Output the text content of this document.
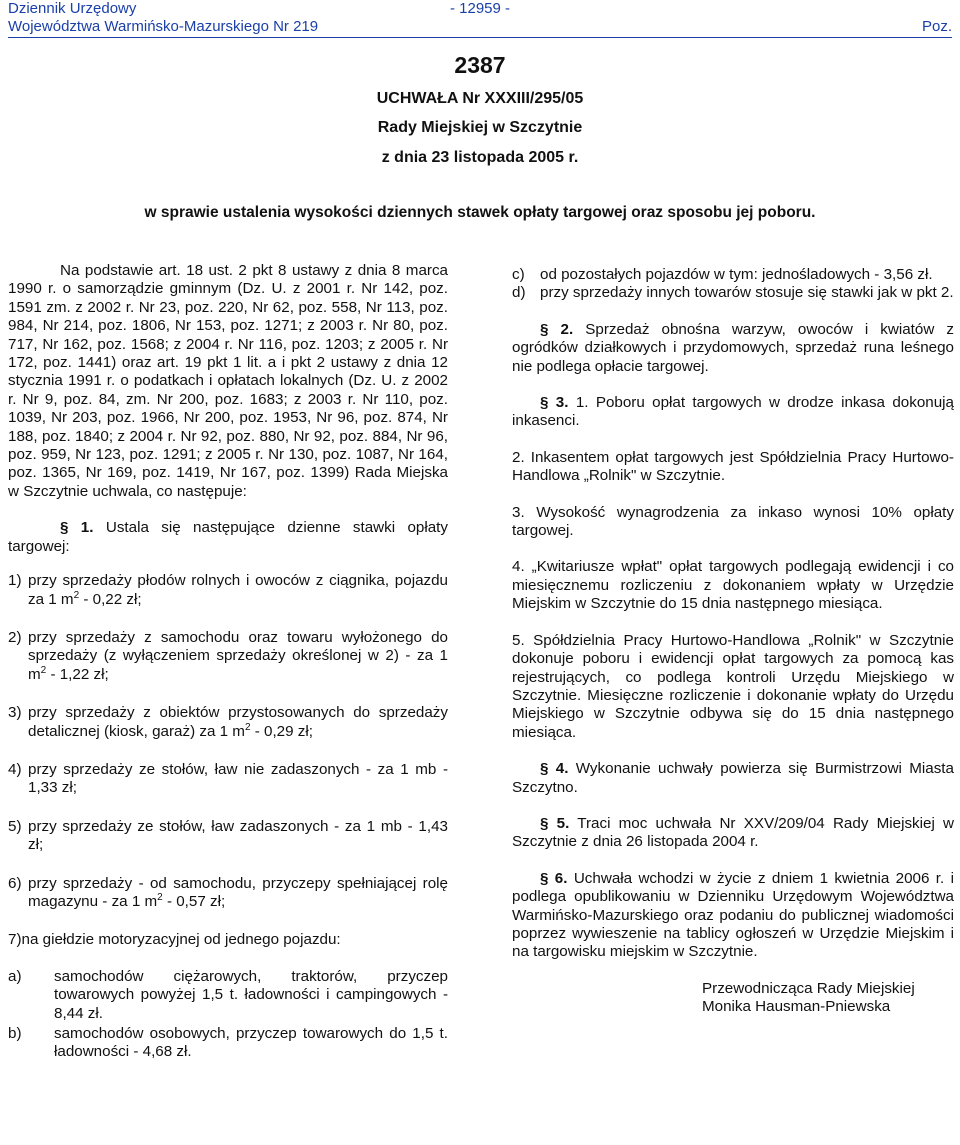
Dziennik Urzędowy
Województwa Warmińsko-Mazurskiego Nr 219
- 12959 -
Poz.
2387
UCHWAŁA Nr XXXIII/295/05
Rady Miejskiej w Szczytnie
z dnia 23 listopada 2005 r.
w sprawie ustalenia wysokości dziennych stawek opłaty targowej oraz sposobu jej poboru.

Na podstawie art. 18 ust. 2 pkt 8 ustawy z dnia 8 marca 1990 r. o samorządzie gminnym (Dz. U. z 2001 r. Nr 142, poz. 1591 zm. z 2002 r. Nr 23, poz. 220, Nr 62, poz. 558, Nr 113, poz. 984, Nr 214, poz. 1806, Nr 153, poz. 1271; z 2003 r. Nr 80, poz. 717, Nr 162, poz. 1568; z 2004 r. Nr 116, poz. 1203; z 2005 r. Nr 172, poz. 1441) oraz art. 19 pkt 1 lit. a i pkt 2 ustawy z dnia 12 stycznia 1991 r. o podatkach i opłatach lokalnych (Dz. U. z 2002 r. Nr 9, poz. 84, zm. Nr 200, poz. 1683; z 2003 r. Nr 110, poz. 1039, Nr 203, poz. 1966, Nr 200, poz. 1953, Nr 96, poz. 874, Nr 188, poz. 1840; z 2004 r. Nr 92, poz. 880, Nr 92, poz. 884, Nr 96, poz. 959, Nr 123, poz. 1291; z 2005 r. Nr 130, poz. 1087, Nr 164, poz. 1365, Nr 169, poz. 1419, Nr 167, poz. 1399) Rada Miejska w Szczytnie uchwala, co następuje:

§ 1. Ustala się następujące dzienne stawki opłaty targowej:

1) przy sprzedaży płodów rolnych i owoców z ciągnika, pojazdu za 1 $m^2 - 0,22$ zł;
2) przy sprzedaży z samochodu oraz towaru wyłożonego do sprzedaży (z wyłączeniem sprzedaży określonej w 2) - za 1 $m^2 - 1,22$ zł;
3) przy sprzedaży z obiektów przystosowanych do sprzedaży detalicznej (kiosk, garaż) za 1 $m^2 - 0,29$ zł;
4) przy sprzedaży ze stołów, ław nie zadaszonych - za 1 mb - 1,33 zł;
5) przy sprzedaży ze stołów, ław zadaszonych - za 1 mb - 1,43 zł;
6) przy sprzedaży - od samochodu, przyczepy spełniającej rolę magazynu - za 1 $m^2 - 0,57$ zł;

7)na giełdzie motoryzacyjnej od jednego pojazdu:

a)	samochodów ciężarowych, traktorów, przyczep towarowych powyżej 1,5 t. ładowności i campingowych - 8,44 zł.
b)	samochodów osobowych, przyczep towarowych do 1,5 t. ładowności - 4,68 zł.
c)	od pozostałych pojazdów w tym: jednośladowych - 3,56 zł.
d) przy sprzedaży innych towarów stosuje się stawki jak w pkt 2.

§ 2. Sprzedaż obnośna warzyw, owoców i kwiatów z ogródków działkowych i przydomowych, sprzedaż runa leśnego nie podlega opłacie targowej.

§ 3. 1. Poboru opłat targowych w drodze inkasa dokonują inkasenci.

2. Inkasentem opłat targowych jest Spółdzielnia Pracy Hurtowo-Handlowa „Rolnik" w Szczytnie.

3. Wysokość wynagrodzenia za inkaso wynosi 10% opłaty targowej.

4. „Kwitariusze wpłat" opłat targowych podlegają ewidencji i co miesięcznemu rozliczeniu z dokonaniem wpłaty w Urzędzie Miejskim w Szczytnie do 15 dnia następnego miesiąca.

5. Spółdzielnia Pracy Hurtowo-Handlowa „Rolnik" w Szczytnie dokonuje poboru i ewidencji opłat targowych za pomocą kas rejestrujących, co podlega kontroli Urzędu Miejskiego w Szczytnie. Miesięczne rozliczenie i dokonanie wpłaty do Urzędu Miejskiego w Szczytnie odbywa się do 15 dnia następnego miesiąca.

§ 4. Wykonanie uchwały powierza się Burmistrzowi Miasta Szczytno.

§ 5. Traci moc uchwała Nr XXV/209/04 Rady Miejskiej w Szczytnie z dnia 26 listopada 2004 r.

§ 6. Uchwała wchodzi w życie z dniem 1 kwietnia 2006 r. i podlega opublikowaniu w Dzienniku Urzędowym Województwa Warmińsko-Mazurskiego oraz podaniu do publicznej wiadomości poprzez wywieszenie na tablicy ogłoszeń w Urzędzie Miejskim i na targowisku miejskim w Szczytnie.

Przewodnicząca Rady Miejskiej
Monika Hausman-Pniewska
